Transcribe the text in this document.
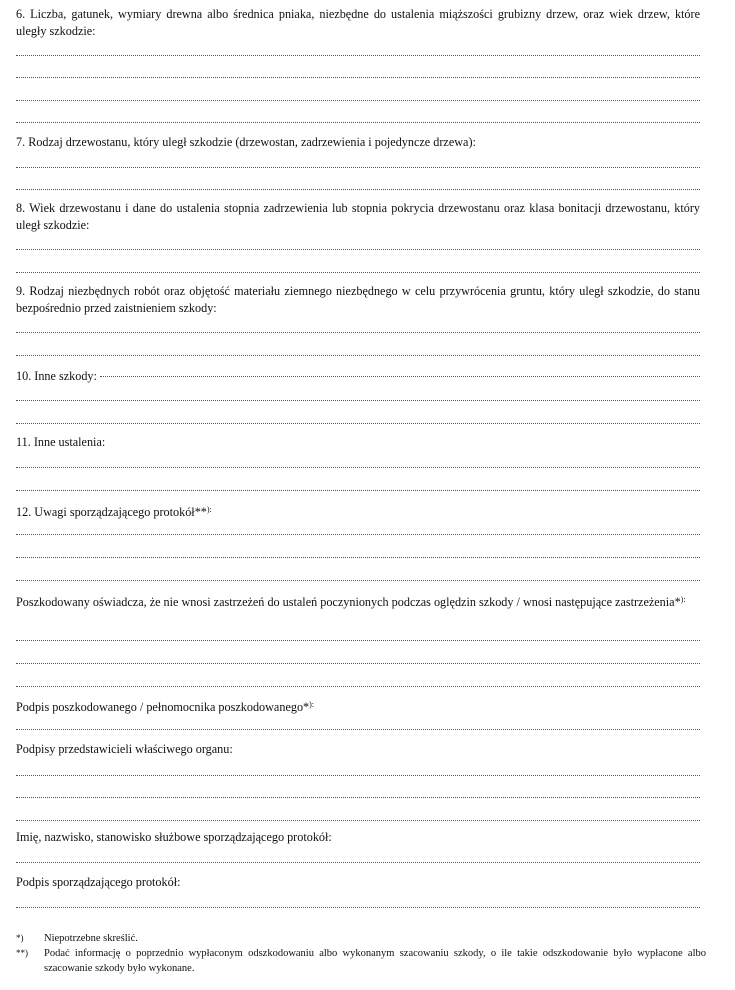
6. Liczba, gatunek, wymiary drewna albo średnica pniaka, niezbędne do ustalenia miąższości grubizny drzew, oraz wiek drzew, które uległy szkodzie:
7. Rodzaj drzewostanu, który uległ szkodzie (drzewostan, zadrzewienia i pojedyncze drzewa):
8. Wiek drzewostanu i dane do ustalenia stopnia zadrzewienia lub stopnia pokrycia drzewostanu oraz klasa bonitacji drzewostanu, który uległ szkodzie:
9. Rodzaj niezbędnych robót oraz objętość materiału ziemnego niezbędnego w celu przywrócenia gruntu, który uległ szkodzie, do stanu bezpośrednio przed zaistnieniem szkody:
10. Inne szkody:
11. Inne ustalenia:
12. Uwagi sporządzającego protokół**):
Poszkodowany oświadcza, że nie wnosi zastrzeżeń do ustaleń poczynionych podczas oględzin szkody / wnosi następujące zastrzeżenia*):
Podpis poszkodowanego / pełnomocnika poszkodowanego*):
Podpisy przedstawicieli właściwego organu:
Imię, nazwisko, stanowisko służbowe sporządzającego protokół:
Podpis sporządzającego protokół:
*) Niepotrzebne skreślić.
**) Podać informację o poprzednio wypłaconym odszkodowaniu albo wykonanym szacowaniu szkody, o ile takie odszkodowanie było wypłacone albo szacowanie szkody było wykonane.
